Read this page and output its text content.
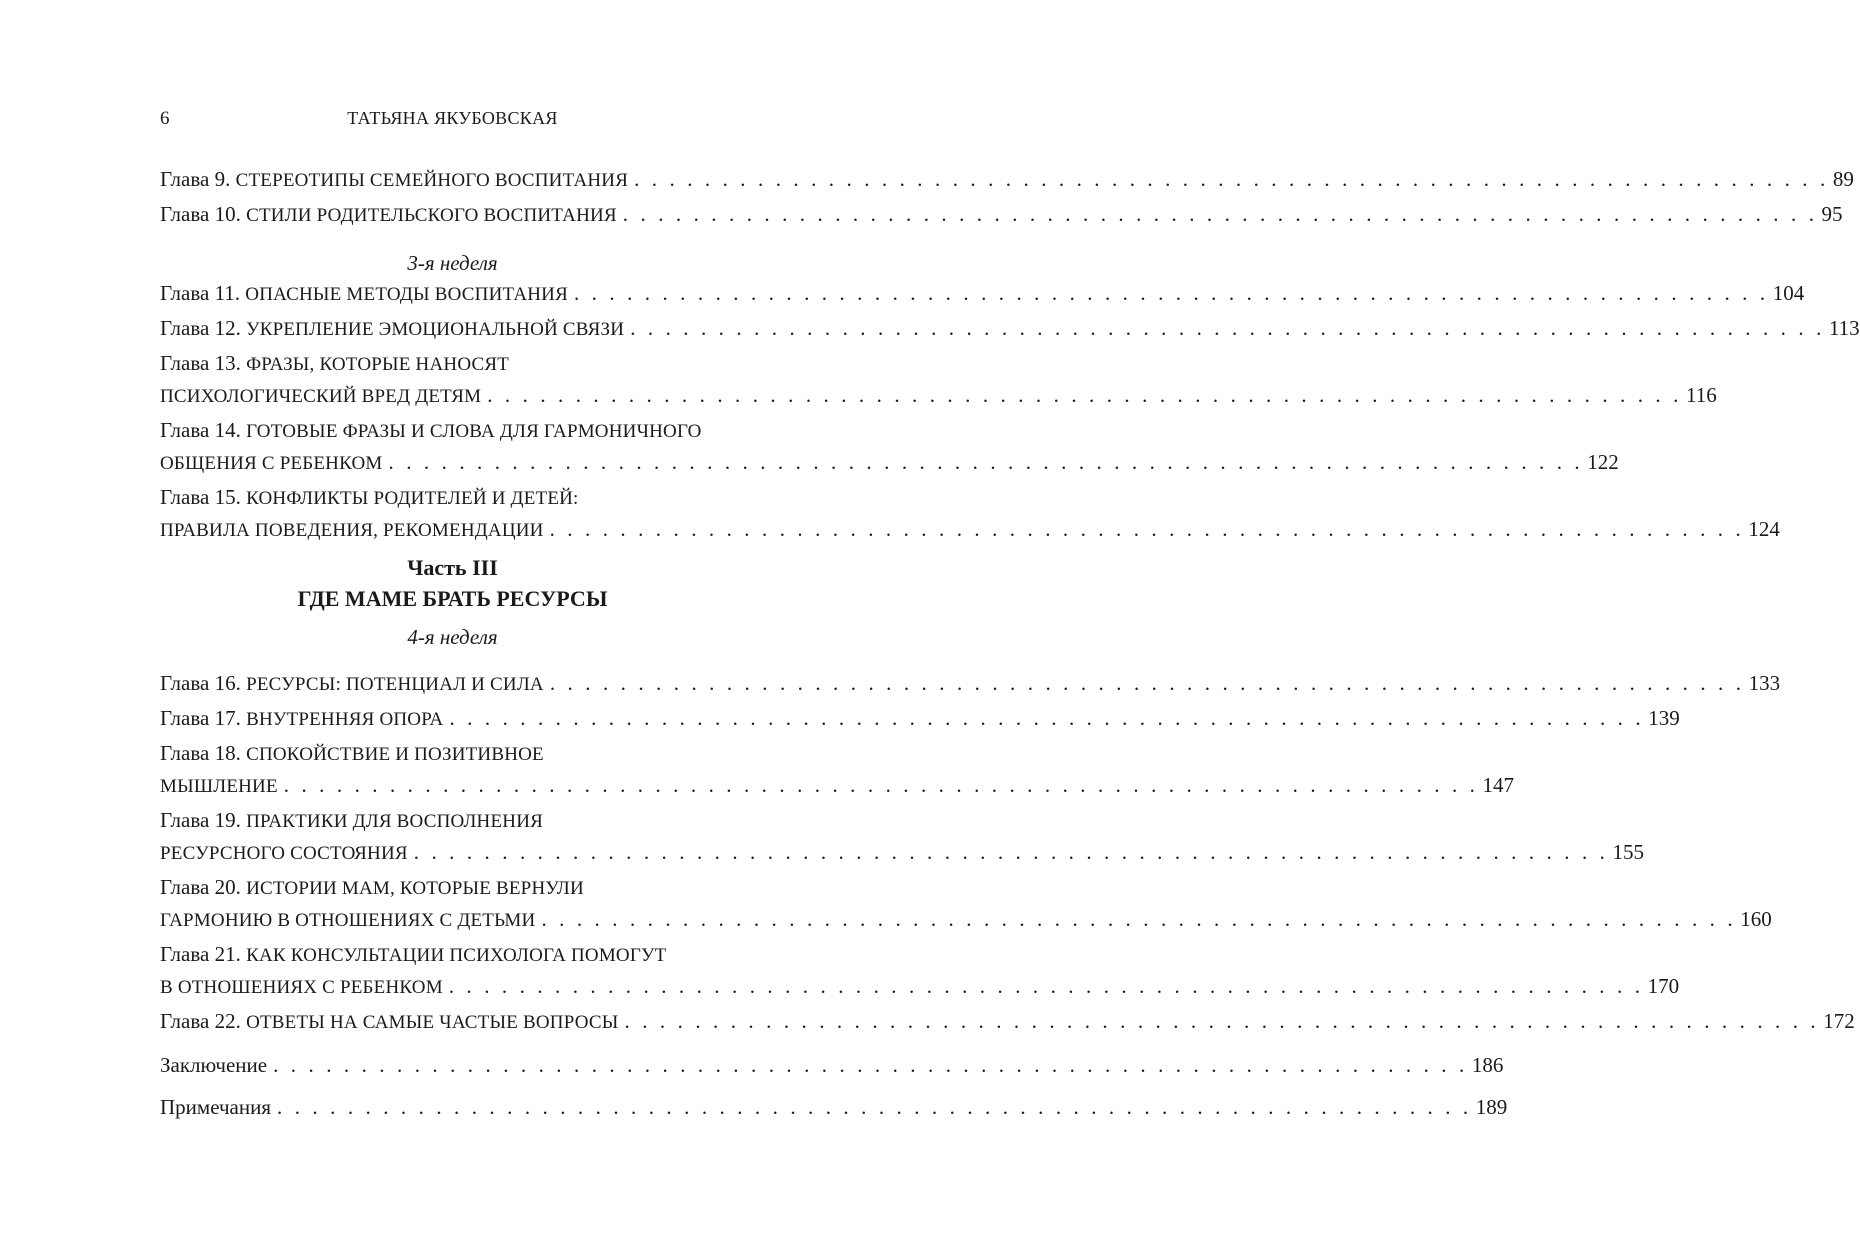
6	ТАТЬЯНА ЯКУБОВСКАЯ
Глава 9. СТЕРЕОТИПЫ СЕМЕЙНОГО ВОСПИТАНИЯ . . . . . . . . . . . . . . . . . . . . . . . . . . . . . . . . . . . . . . . . . . . . . . . . . . . . . . . . . . . . . . . . . . . . 89
Глава 10. СТИЛИ РОДИТЕЛЬСКОГО ВОСПИТАНИЯ . . . . . . . . . . . . . . . . . . . . . . . . . . . . . . . . . . . . . . . . . . . . . . . . . . . . . . . . . . . . . . . . . . . . 95
3-я неделя
Глава 11. ОПАСНЫЕ МЕТОДЫ ВОСПИТАНИЯ . . . . . . . . . . . . . . . . . . . . . . . . . . . . . . . . . . . . . . . . . . . . . . . . . . . . . . . . . . . . . . . . . . . . 104
Глава 12. УКРЕПЛЕНИЕ ЭМОЦИОНАЛЬНОЙ СВЯЗИ . . . . . . . . . . . . . . . . . . . . . . . . . . . . . . . . . . . . . . . . . . . . . . . . . . . . . . . . . . . . . . . . . . . . 113
Глава 13. ФРАЗЫ, КОТОРЫЕ НАНОСЯТ
ПСИХОЛОГИЧЕСКИЙ ВРЕД ДЕТЯМ . . . . . . . . . . . . . . . . . . . . . . . . . . . . . . . . . . . . . . . . . . . . . . . . . . . . . . . . . . . . . . . . . . . . 116
Глава 14. ГОТОВЫЕ ФРАЗЫ И СЛОВА ДЛЯ ГАРМОНИЧНОГО
ОБЩЕНИЯ С РЕБЕНКОМ . . . . . . . . . . . . . . . . . . . . . . . . . . . . . . . . . . . . . . . . . . . . . . . . . . . . . . . . . . . . . . . . . . . . 122
Глава 15. КОНФЛИКТЫ РОДИТЕЛЕЙ И ДЕТЕЙ:
ПРАВИЛА ПОВЕДЕНИЯ, РЕКОМЕНДАЦИИ . . . . . . . . . . . . . . . . . . . . . . . . . . . . . . . . . . . . . . . . . . . . . . . . . . . . . . . . . . . . . . . . . . . . 124
Часть III
ГДЕ МАМЕ БРАТЬ РЕСУРСЫ
4-я неделя
Глава 16. РЕСУРСЫ: ПОТЕНЦИАЛ И СИЛА . . . . . . . . . . . . . . . . . . . . . . . . . . . . . . . . . . . . . . . . . . . . . . . . . . . . . . . . . . . . . . . . . . . . 133
Глава 17. ВНУТРЕННЯЯ ОПОРА . . . . . . . . . . . . . . . . . . . . . . . . . . . . . . . . . . . . . . . . . . . . . . . . . . . . . . . . . . . . . . . . . . . . 139
Глава 18. СПОКОЙСТВИЕ И ПОЗИТИВНОЕ
МЫШЛЕНИЕ . . . . . . . . . . . . . . . . . . . . . . . . . . . . . . . . . . . . . . . . . . . . . . . . . . . . . . . . . . . . . . . . . . . . 147
Глава 19. ПРАКТИКИ ДЛЯ ВОСПОЛНЕНИЯ
РЕСУРСНОГО СОСТОЯНИЯ . . . . . . . . . . . . . . . . . . . . . . . . . . . . . . . . . . . . . . . . . . . . . . . . . . . . . . . . . . . . . . . . . . . . 155
Глава 20. ИСТОРИИ МАМ, КОТОРЫЕ ВЕРНУЛИ
ГАРМОНИЮ В ОТНОШЕНИЯХ С ДЕТЬМИ . . . . . . . . . . . . . . . . . . . . . . . . . . . . . . . . . . . . . . . . . . . . . . . . . . . . . . . . . . . . . . . . . . . . 160
Глава 21. КАК КОНСУЛЬТАЦИИ ПСИХОЛОГА ПОМОГУТ
В ОТНОШЕНИЯХ С РЕБЕНКОМ . . . . . . . . . . . . . . . . . . . . . . . . . . . . . . . . . . . . . . . . . . . . . . . . . . . . . . . . . . . . . . . . . . . . 170
Глава 22. ОТВЕТЫ НА САМЫЕ ЧАСТЫЕ ВОПРОСЫ . . . . . . . . . . . . . . . . . . . . . . . . . . . . . . . . . . . . . . . . . . . . . . . . . . . . . . . . . . . . . . . . . . . . 172
Заключение . . . . . . . . . . . . . . . . . . . . . . . . . . . . . . . . . . . . . . . . . . . . . . . . . . . . . . . . . . . . . . . . . . . . 186
Примечания . . . . . . . . . . . . . . . . . . . . . . . . . . . . . . . . . . . . . . . . . . . . . . . . . . . . . . . . . . . . . . . . . . . . 189
